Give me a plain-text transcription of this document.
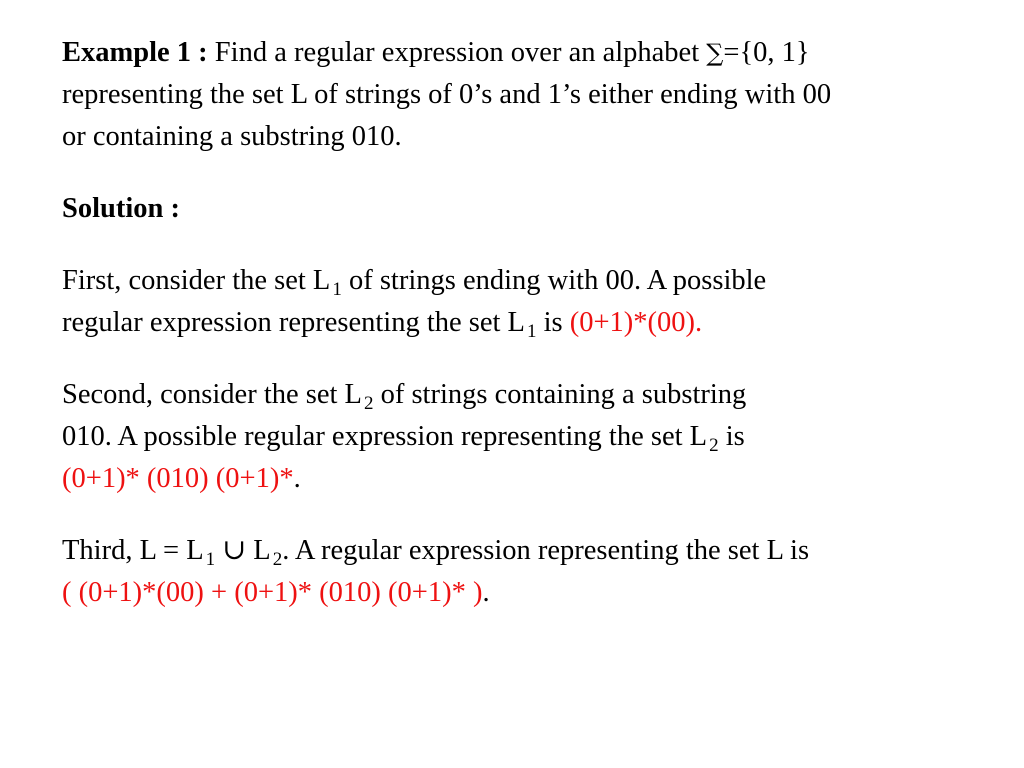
Example 1 : Find a regular expression over an alphabet ∑={0, 1}
representing the set L of strings of 0’s and 1’s either ending with 00
or containing a substring 010.

Solution :

First, consider the set L $_1$ of strings ending with 00. A possible
regular expression representing the set L $_1$ is (0+1)*(00).

Second, consider the set L $_2$ of strings containing a substring
010. A possible regular expression representing the set L $_2$ is
(0+1)* (010) (0+1)*.

Third, L = L $_1$ ∪ L $_2$. A regular expression representing the set L is
( (0+1)*(00) + (0+1)* (010) (0+1)* ).
